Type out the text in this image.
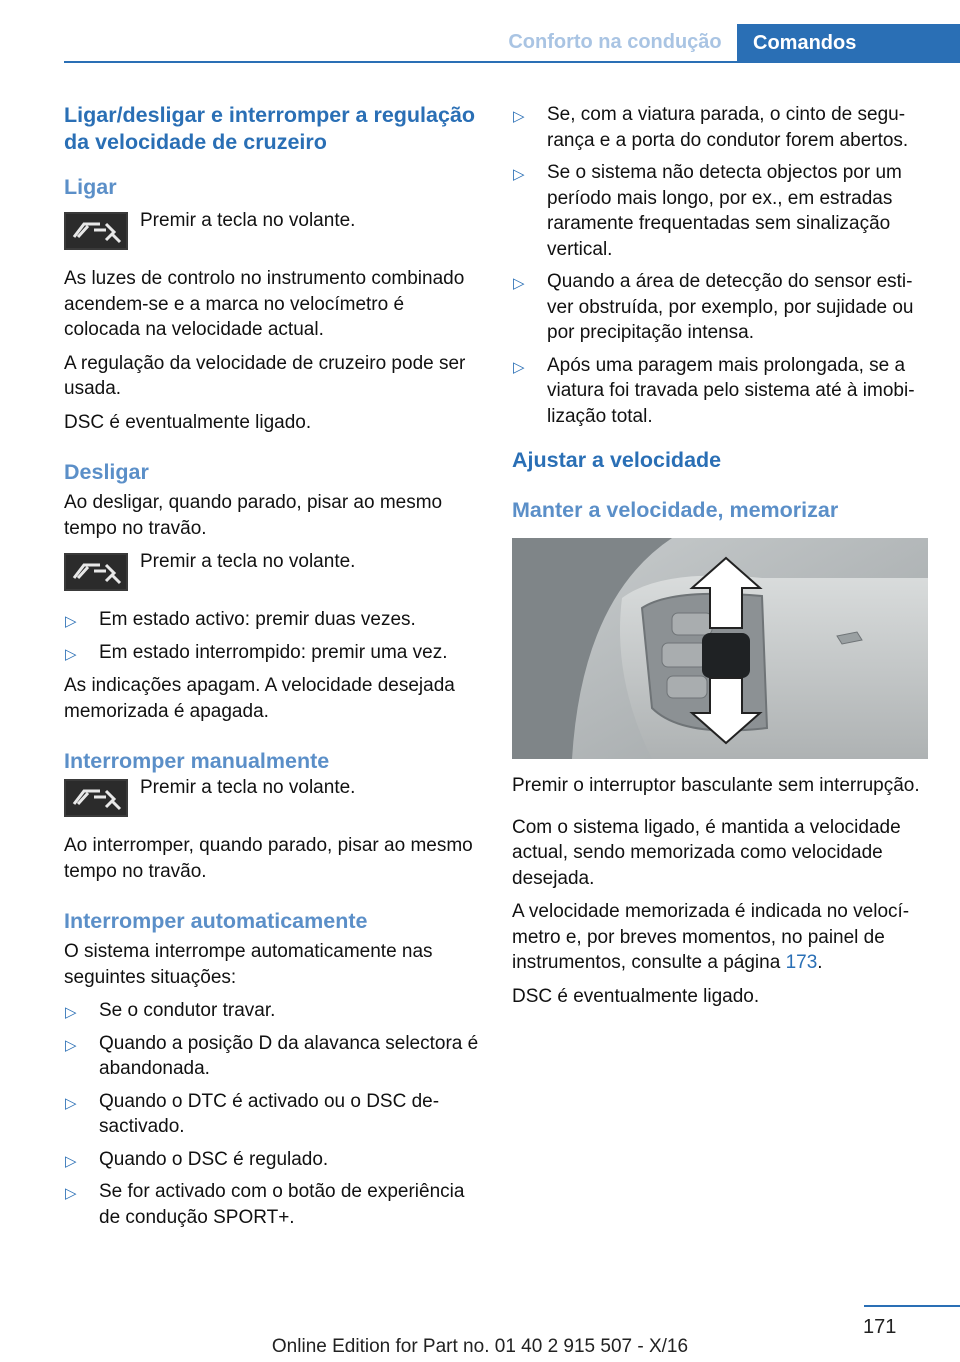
Conforto na condução	Comandos
Ligar/desligar e interromper a regulação da velocidade de cruzeiro
Ligar
Premir a tecla no volante.

As luzes de controlo no instrumento combinado acendem-se e a marca no velocímetro é colocada na velocidade actual.

A regulação da velocidade de cruzeiro pode ser usada.

DSC é eventualmente ligado.

Desligar

Ao desligar, quando parado, pisar ao mesmo tempo no travão.

Premir a tecla no volante.
▷ Em estado activo: premir duas vezes.
▷ Em estado interrompido: premir uma vez.

As indicações apagam. A velocidade desejada memorizada é apagada.

Interromper manualmente
Premir a tecla no volante.

Ao interromper, quando parado, pisar ao mesmo tempo no travão.

Interromper automaticamente

O sistema interrompe automaticamente nas seguintes situações:

▷ Se o condutor travar.
▷ Quando a posição D da alavanca selectora é abandonada.
▷ Quando o DTC é activado ou o DSC desactivado.
▷ Quando o DSC é regulado.
▷ Se for activado com o botão de experiência de condução SPORT+.
▷ Se, com a viatura parada, o cinto de segurança e a porta do condutor forem abertos.
▷ Se o sistema não detecta objectos por um período mais longo, por ex., em estradas raramente frequentadas sem sinalização vertical.
▷ Quando a área de detecção do sensor estiver obstruída, por exemplo, por sujidade ou por precipitação intensa.
▷ Após uma paragem mais prolongada, se a viatura foi travada pelo sistema até à imobilização total.
Ajustar a velocidade
Manter a velocidade, memorizar

Premir o interruptor basculante sem interrupção.

Com o sistema ligado, é mantida a velocidade actual, sendo memorizada como velocidade desejada.

A velocidade memorizada é indicada no velocímetro e, por breves momentos, no painel de instrumentos, consulte a página 173.

DSC é eventualmente ligado.

171
Online Edition for Part no. 01 40 2 915 507 - X/16
